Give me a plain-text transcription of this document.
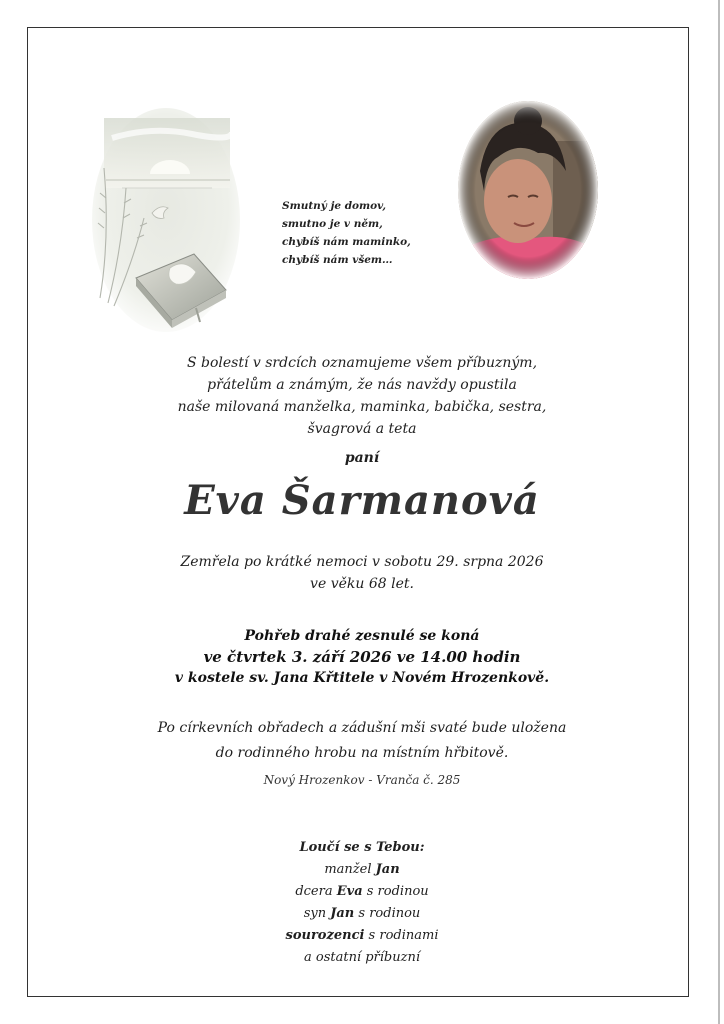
Smutný je domov,
smutno je v něm,
chybíš nám maminko,
chybíš nám všem…
S bolestí v srdcích oznamujeme všem příbuzným,
přátelům a známým, že nás navždy opustila
naše milovaná manželka, maminka, babička, sestra,
švagrová a teta
paní
Eva Šarmanová
Zemřela po krátké nemoci v sobotu 29. srpna 2026
ve věku 68 let.
Pohřeb drahé zesnulé se koná
ve čtvrtek 3. září 2026 ve 14.00 hodin
v kostele sv. Jana Křtitele v Novém Hrozenkově.
Po církevních obřadech a zádušní mši svaté bude uložena
do rodinného hrobu na místním hřbitově.
Nový Hrozenkov - Vranča č. 285
Loučí se s Tebou:
manžel Jan
dcera Eva s rodinou
syn Jan s rodinou
sourozenci s rodinami
a ostatní příbuzní
